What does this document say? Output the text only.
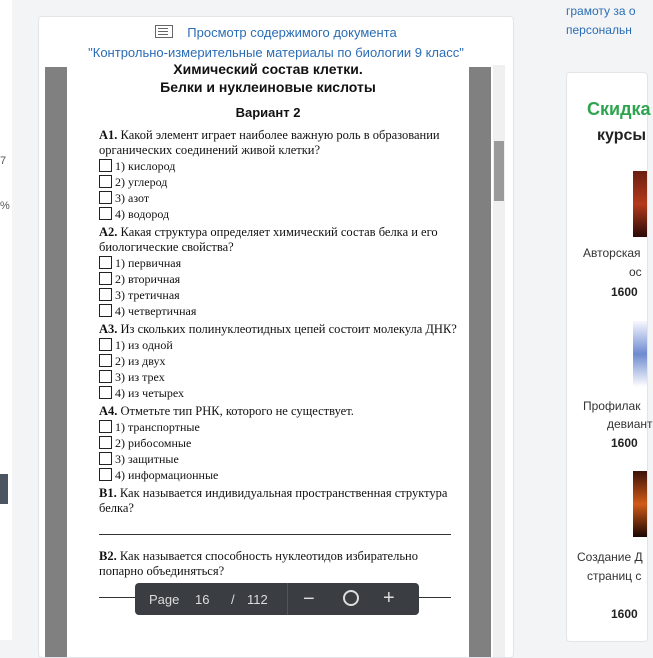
7
%
Просмотр содержимого документа
"Контрольно-измерительные материалы по биологии 9 класс"
Химический состав клетки.
Белки и нуклеиновые кислоты
Вариант 2
А1. Какой элемент играет наиболее важную роль в образовании органических соединений живой клетки?
1) кислород
2) углерод
3) азот
4) водород
А2. Какая структура определяет химический состав белка и его биологические свойства?
1) первичная
2) вторичная
3) третичная
4) четвертичная
А3. Из скольких полинуклеотидных цепей состоит молекула ДНК?
1) из одной
2) из двух
3) из трех
4) из четырех
А4. Отметьте тип РНК, которого не существует.
1) транспортные
2) рибосомные
3) защитные
4) информационные
В1. Как называется индивидуальная пространственная структура белка?
В2. Как называется способность нуклеотидов избирательно попарно объединяться?
Page 16 / 112 −	+
грамоту за о
персональн
Скидка
курсы
Авторская
ос
1600
Профилак
девиант
1600
Создание Д
страниц с
1600
